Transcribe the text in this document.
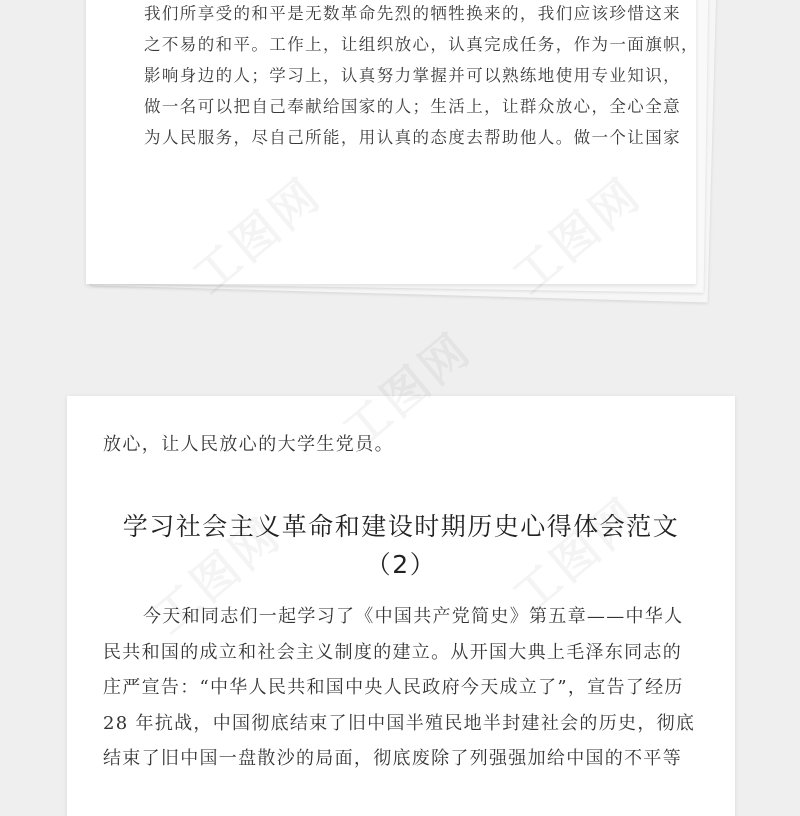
我们所享受的和平是无数革命先烈的牺牲换来的，我们应该珍惜这来

之不易的和平。工作上，让组织放心，认真完成任务，作为一面旗帜，

影响身边的人；学习上，认真努力掌握并可以熟练地使用专业知识，

做一名可以把自己奉献给国家的人；生活上，让群众放心，全心全意

为人民服务，尽自己所能，用认真的态度去帮助他人。做一个让国家

放心，让人民放心的大学生党员。

学习社会主义革命和建设时期历史心得体会范文
（2）

今天和同志们一起学习了《中国共产党简史》第五章——中华人

民共和国的成立和社会主义制度的建立。从开国大典上毛泽东同志的

庄严宣告：“中华人民共和国中央人民政府今天成立了”，宣告了经历

28 年抗战，中国彻底结束了旧中国半殖民地半封建社会的历史，彻底

结束了旧中国一盘散沙的局面，彻底废除了列强强加给中国的不平等
